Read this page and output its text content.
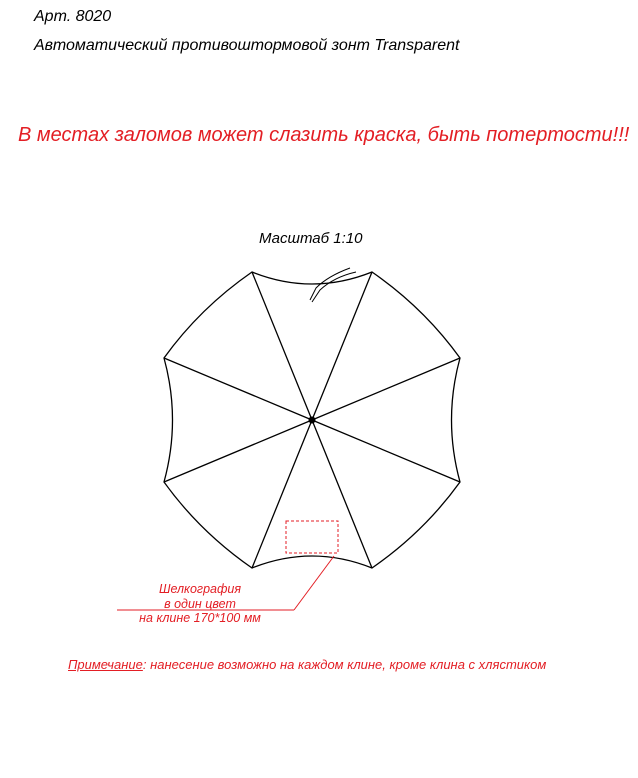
Арт. 8020
Автоматический противоштормовой зонт Transparent
В местах заломов может слазить краска, быть потертости!!!
Масштаб 1:10
Шелкография
в один цвет
на клине 170*100 мм
Примечание: нанесение возможно на каждом клине, кроме клина с хлястиком
